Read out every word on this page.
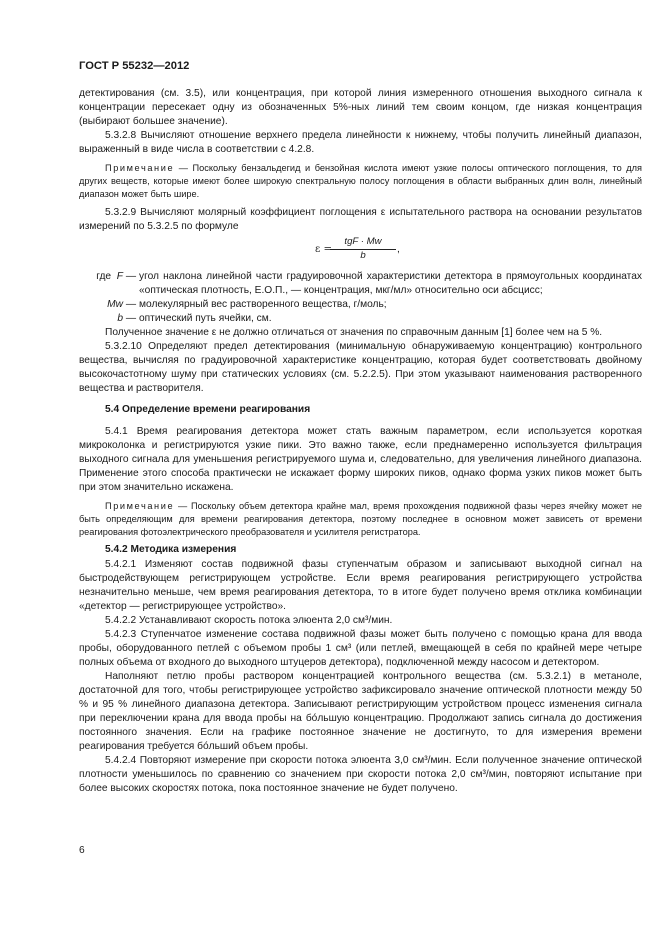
ГОСТ Р 55232—2012

детектирования (см. 3.5), или концентрация, при которой линия измеренного отношения выходного сигнала к концентрации пересекает одну из обозначенных 5%-ных линий тем своим концом, где низкая концентрация (выбирают большее значение).

5.3.2.8 Вычисляют отношение верхнего предела линейности к нижнему, чтобы получить линейный диапазон, выраженный в виде числа в соответствии с 4.2.8.

Примечание — Поскольку бензальдегид и бензойная кислота имеют узкие полосы оптического поглощения, то для других веществ, которые имеют более широкую спектральную полосу поглощения в области выбранных длин волн, линейный диапазон может быть шире.

5.3.2.9 Вычисляют молярный коэффициент поглощения ε испытательного раствора на основании результатов измерений по 5.3.2.5 по формуле

ε =
tgF · Mw
b
,
где F — угол наклона линейной части градуировочной характеристики детектора в прямоугольных координатах «оптическая плотность, Е.О.П., — концентрация, мкг/мл» относительно оси абсцисс;
Mw — молекулярный вес растворенного вещества, г/моль;
b — оптический путь ячейки, см.

Полученное значение ε не должно отличаться от значения по справочным данным [1] более чем на 5 %.

5.3.2.10 Определяют предел детектирования (минимальную обнаруживаемую концентрацию) контрольного вещества, вычисляя по градуировочной характеристике концентрацию, которая будет соответствовать двойному высокочастотному шуму при статических условиях (см. 5.2.2.5). При этом указывают наименования растворенного вещества и растворителя.

5.4 Определение времени реагирования

5.4.1 Время реагирования детектора может стать важным параметром, если используется короткая микроколонка и регистрируются узкие пики. Это важно также, если преднамеренно используется фильтрация выходного сигнала для уменьшения регистрируемого шума и, следовательно, для увеличения линейного диапазона. Применение этого способа практически не искажает форму широких пиков, однако форма узких пиков может быть при этом значительно искажена.

Примечание — Поскольку объем детектора крайне мал, время прохождения подвижной фазы через ячейку может не быть определяющим для времени реагирования детектора, поэтому последнее в основном может зависеть от времени реагирования фотоэлектрического преобразователя и усилителя регистратора.

5.4.2 Методика измерения

5.4.2.1 Изменяют состав подвижной фазы ступенчатым образом и записывают выходной сигнал на быстродействующем регистрирующем устройстве. Если время реагирования регистрирующего устройства незначительно меньше, чем время реагирования детектора, то в итоге будет получено время отклика комбинации «детектор — регистрирующее устройство».

5.4.2.2 Устанавливают скорость потока элюента 2,0 см³/мин.

5.4.2.3 Ступенчатое изменение состава подвижной фазы может быть получено с помощью крана для ввода пробы, оборудованного петлей с объемом пробы 1 см³ (или петлей, вмещающей в себя по крайней мере четыре полных объема от входного до выходного штуцеров детектора), подключенной между насосом и детектором.

Наполняют петлю пробы раствором концентрацией контрольного вещества (см. 5.3.2.1) в метаноле, достаточной для того, чтобы регистрирующее устройство зафиксировало значение оптической плотности между 50 % и 95 % линейного диапазона детектора. Записывают регистрирующим устройством процесс изменения сигнала при переключении крана для ввода пробы на бо́льшую концентрацию. Продолжают запись сигнала до достижения постоянного значения. Если на графике постоянное значение не достигнуто, то для измерения времени реагирования требуется бо́льший объем пробы.

5.4.2.4 Повторяют измерение при скорости потока элюента 3,0 см³/мин. Если полученное значение оптической плотности уменьшилось по сравнению со значением при скорости потока 2,0 см³/мин, повторяют испытание при более высоких скоростях потока, пока постоянное значение не будет получено.

6
